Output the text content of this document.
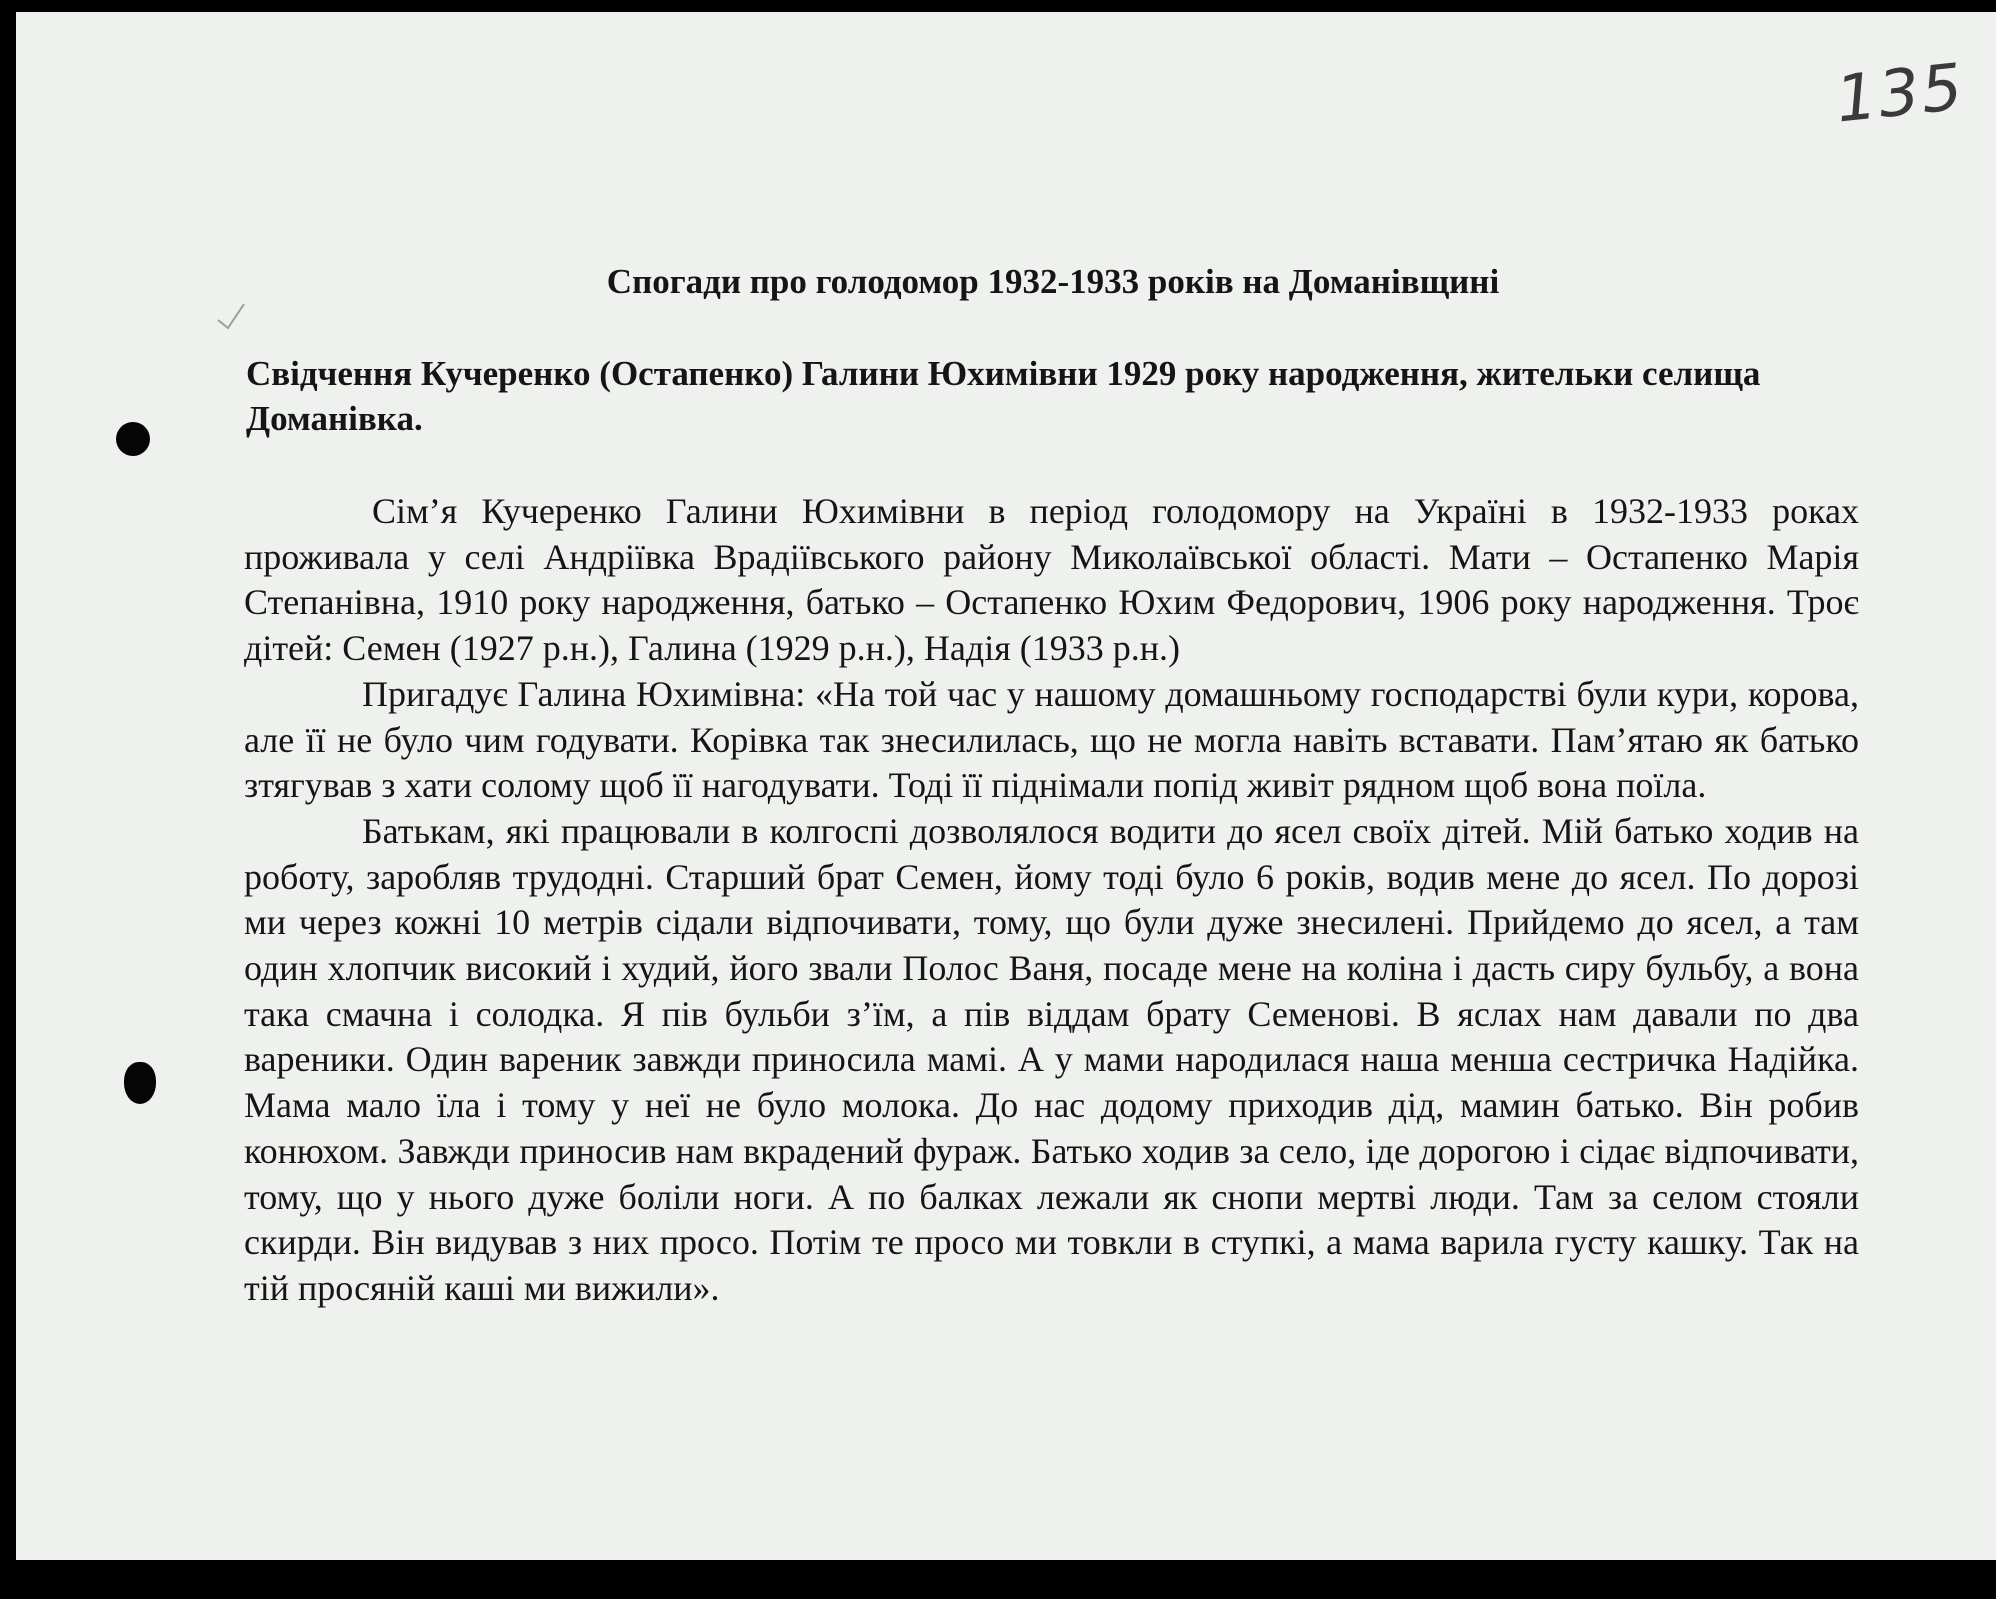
135
Спогади про голодомор 1932-1933 років на Доманівщині

Свідчення Кучеренко (Остапенко) Галини Юхимівни 1929 року народження, жительки селища Доманівка.

Сім’я Кучеренко Галини Юхимівни в період голодомору на Україні в 1932-1933 роках проживала у селі Андріївка Врадіївського району Миколаївської області. Мати – Остапенко Марія Степанівна, 1910 року народження, батько – Остапенко Юхим Федорович, 1906 року народження. Троє дітей: Семен (1927 р.н.), Галина (1929 р.н.), Надія (1933 р.н.)

Пригадує Галина Юхимівна: «На той час у нашому домашньому господарстві були кури, корова, але її не було чим годувати. Корівка так знесилилась, що не могла навіть вставати. Пам’ятаю як батько зтягував з хати солому щоб її нагодувати. Тоді її піднімали попід живіт рядном щоб вона поїла.

Батькам, які працювали в колгоспі дозволялося водити до ясел своїх дітей. Мій батько ходив на роботу, заробляв трудодні. Старший брат Семен, йому тоді було 6 років, водив мене до ясел. По дорозі ми через кожні 10 метрів сідали відпочивати, тому, що були дуже знесилені. Прийдемо до ясел, а там один хлопчик високий і худий, його звали Полос Ваня, посаде мене на коліна і дасть сиру бульбу, а вона така смачна і солодка. Я пів бульби з’їм, а пів віддам брату Семенові. В яслах нам давали по два вареники. Один вареник завжди приносила мамі. А у мами народилася наша менша сестричка Надійка. Мама мало їла і тому у неї не було молока. До нас додому приходив дід, мамин батько. Він робив конюхом. Завжди приносив нам вкрадений фураж. Батько ходив за село, іде дорогою і сідає відпочивати, тому, що у нього дуже боліли ноги. А по балках лежали як снопи мертві люди. Там за селом стояли скирди. Він видував з них просо. Потім те просо ми товкли в ступкі, а мама варила густу кашку. Так на тій просяній каші ми вижили».
